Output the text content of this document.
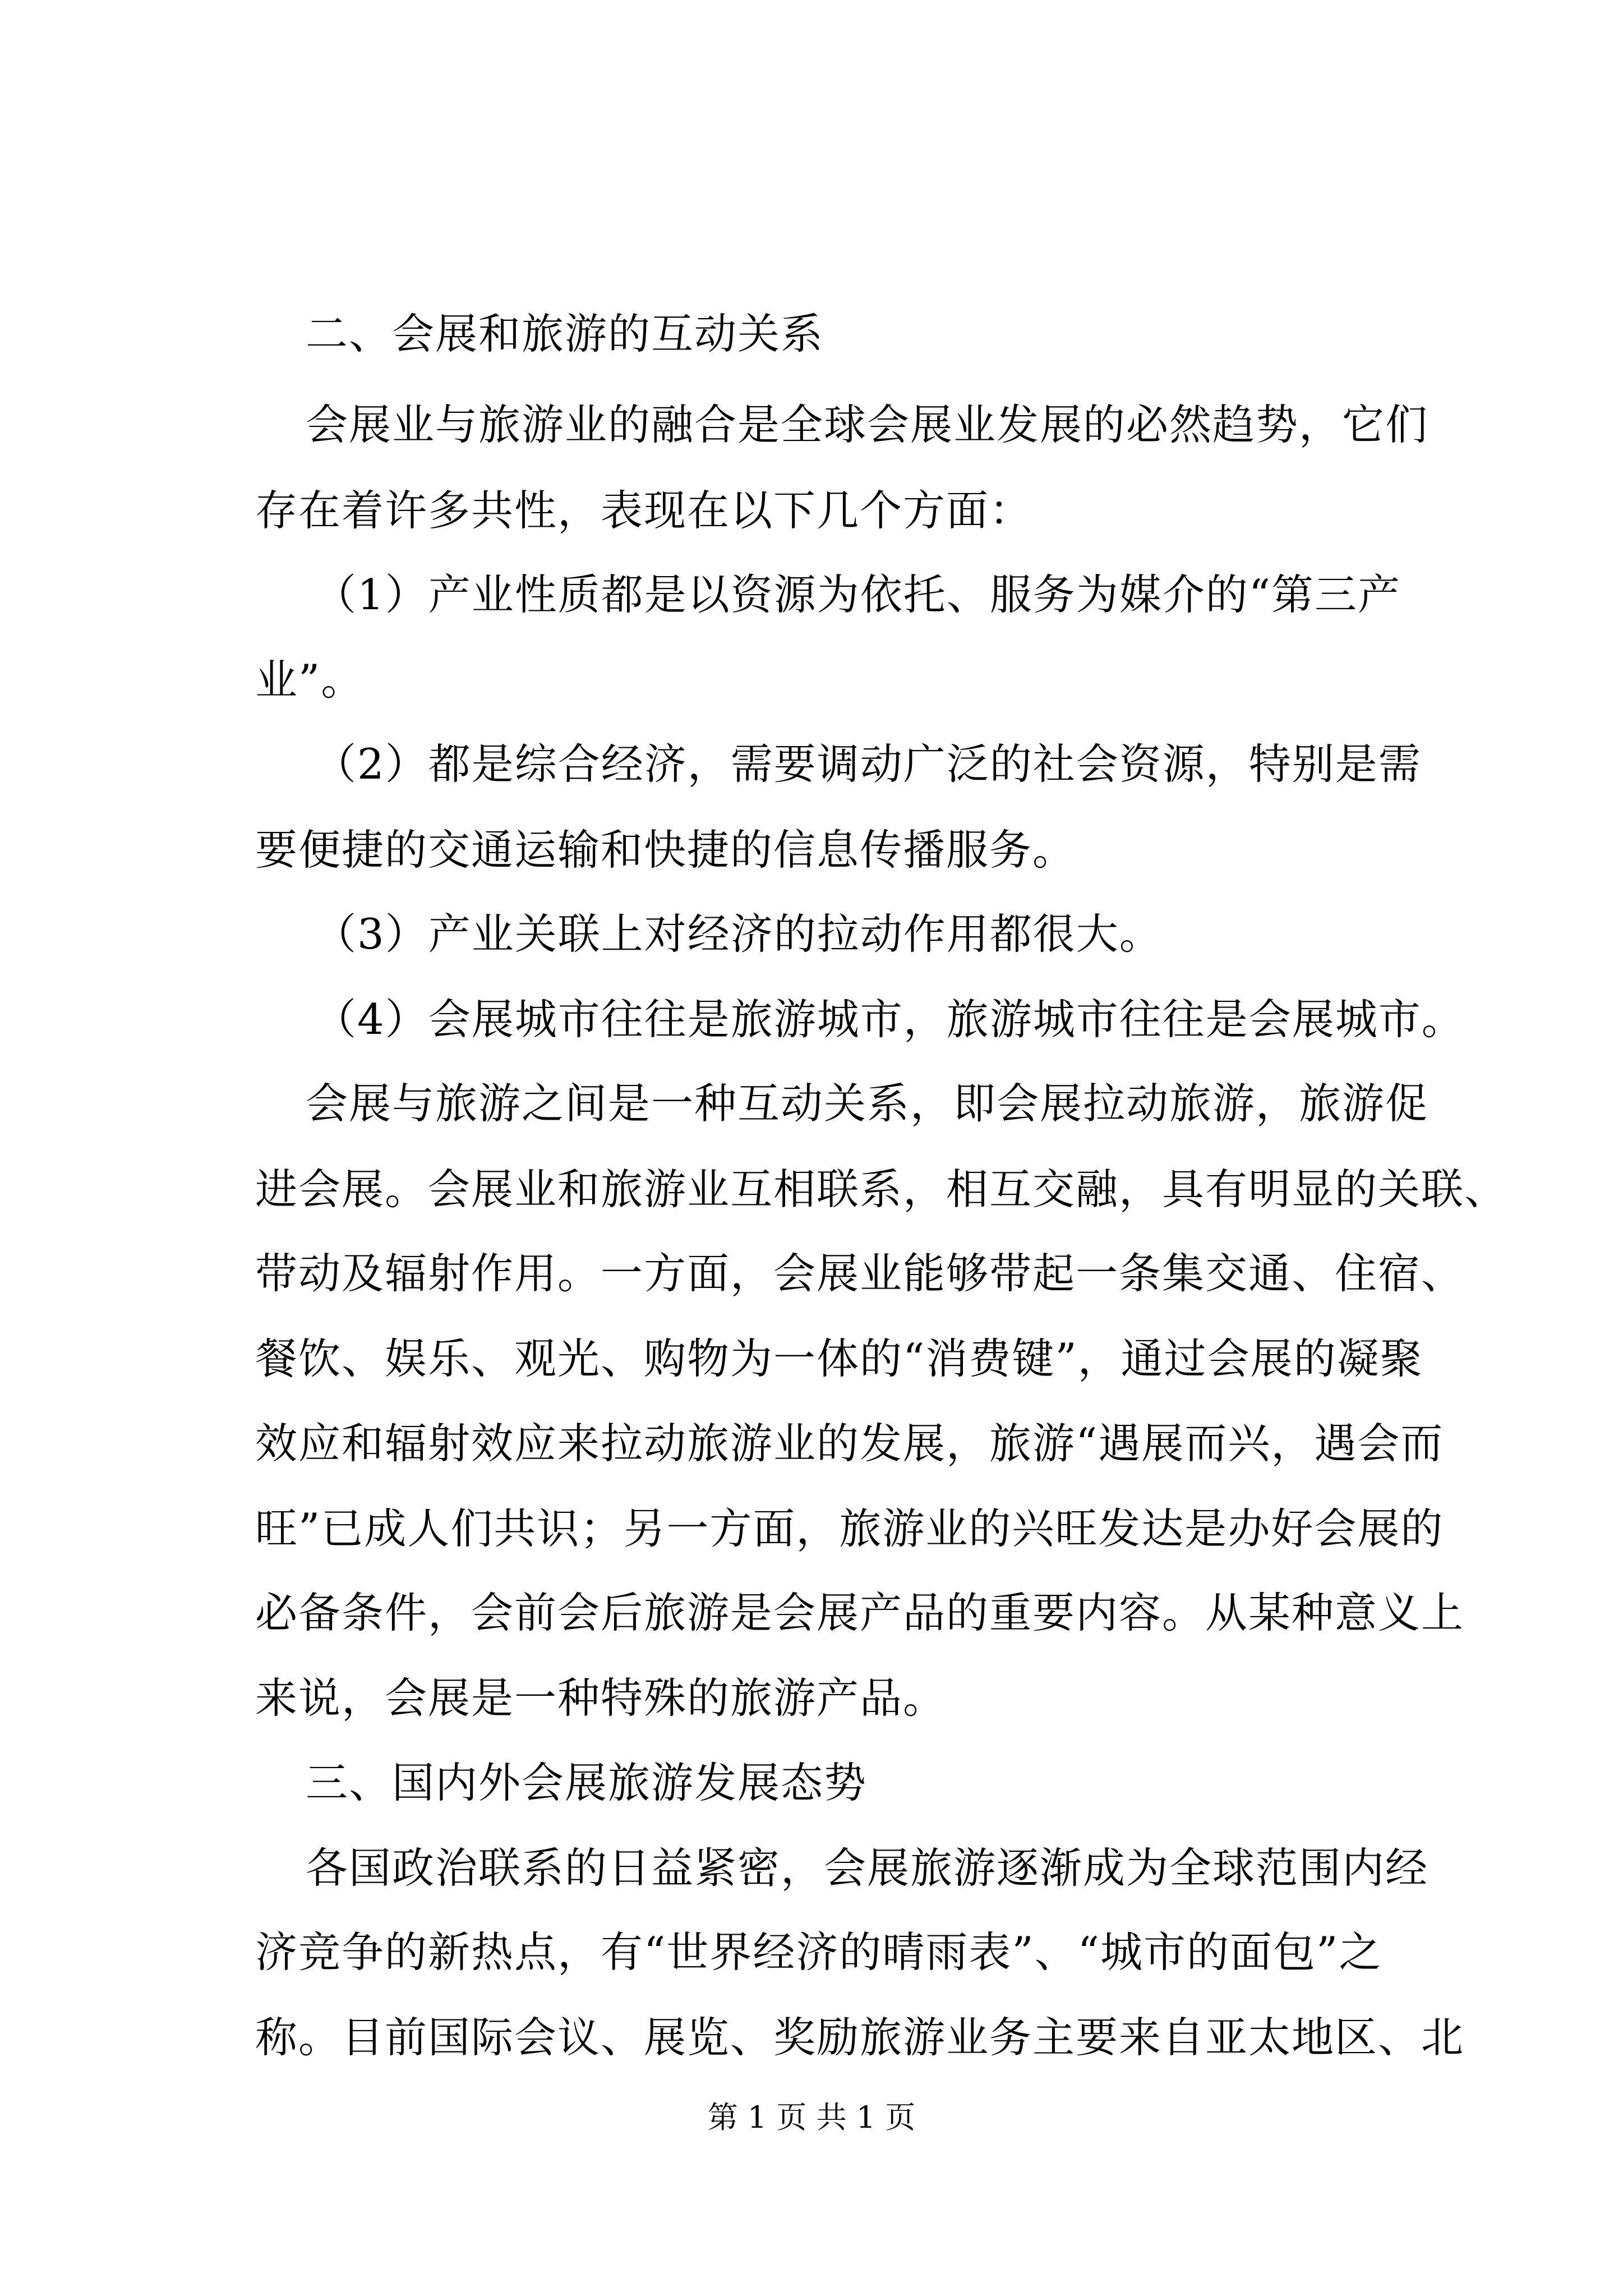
二、会展和旅游的互动关系
会展业与旅游业的融合是全球会展业发展的必然趋势，它们
存在着许多共性，表现在以下几个方面：
（1）产业性质都是以资源为依托、服务为媒介的“第三产
业”。
（2）都是综合经济，需要调动广泛的社会资源，特别是需
要便捷的交通运输和快捷的信息传播服务。
（3）产业关联上对经济的拉动作用都很大。
（4）会展城市往往是旅游城市，旅游城市往往是会展城市。
会展与旅游之间是一种互动关系，即会展拉动旅游，旅游促
进会展。会展业和旅游业互相联系，相互交融，具有明显的关联、
带动及辐射作用。一方面，会展业能够带起一条集交通、住宿、
餐饮、娱乐、观光、购物为一体的“消费键”，通过会展的凝聚
效应和辐射效应来拉动旅游业的发展，旅游“遇展而兴，遇会而
旺”已成人们共识；另一方面，旅游业的兴旺发达是办好会展的
必备条件，会前会后旅游是会展产品的重要内容。从某种意义上
来说，会展是一种特殊的旅游产品。
三、国内外会展旅游发展态势
各国政治联系的日益紧密，会展旅游逐渐成为全球范围内经
济竞争的新热点，有“世界经济的晴雨表”、“城市的面包”之
称。目前国际会议、展览、奖励旅游业务主要来自亚太地区、北
第 1 页 共 1 页
